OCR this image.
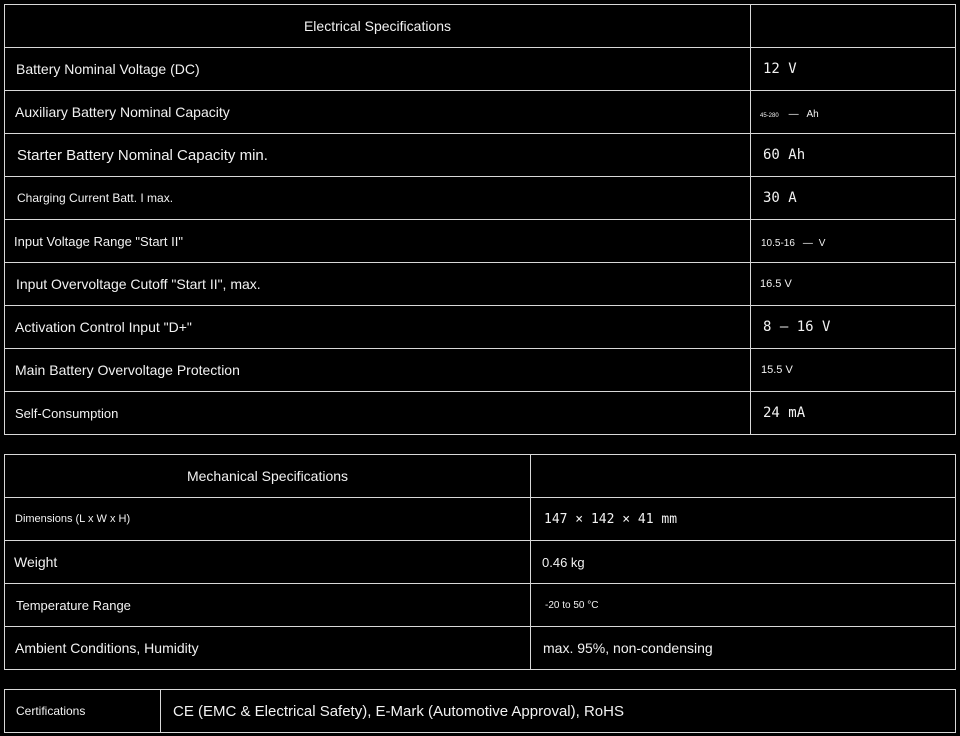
Electrical Specifications	
Battery Nominal Voltage (DC)	12 V
Auxiliary Battery Nominal Capacity	45-280 — Ah
Starter Battery Nominal Capacity min.	60 Ah
Charging Current Batt. I max.	30 A
Input Voltage Range "Start II"	10.5-16 — V
Input Overvoltage Cutoff "Start II", max.	16.5 V
Activation Control Input "D+"	8 — 16 V
Main Battery Overvoltage Protection	15.5 V
Self-Consumption	24 mA
Mechanical Specifications	
Dimensions (L x W x H)	147 × 142 × 41 mm
Weight	0.46 kg
Temperature Range	-20 to 50 °C
Ambient Conditions, Humidity	max. 95%, non-condensing
Certifications	CE (EMC & Electrical Safety), E-Mark (Automotive Approval), RoHS
